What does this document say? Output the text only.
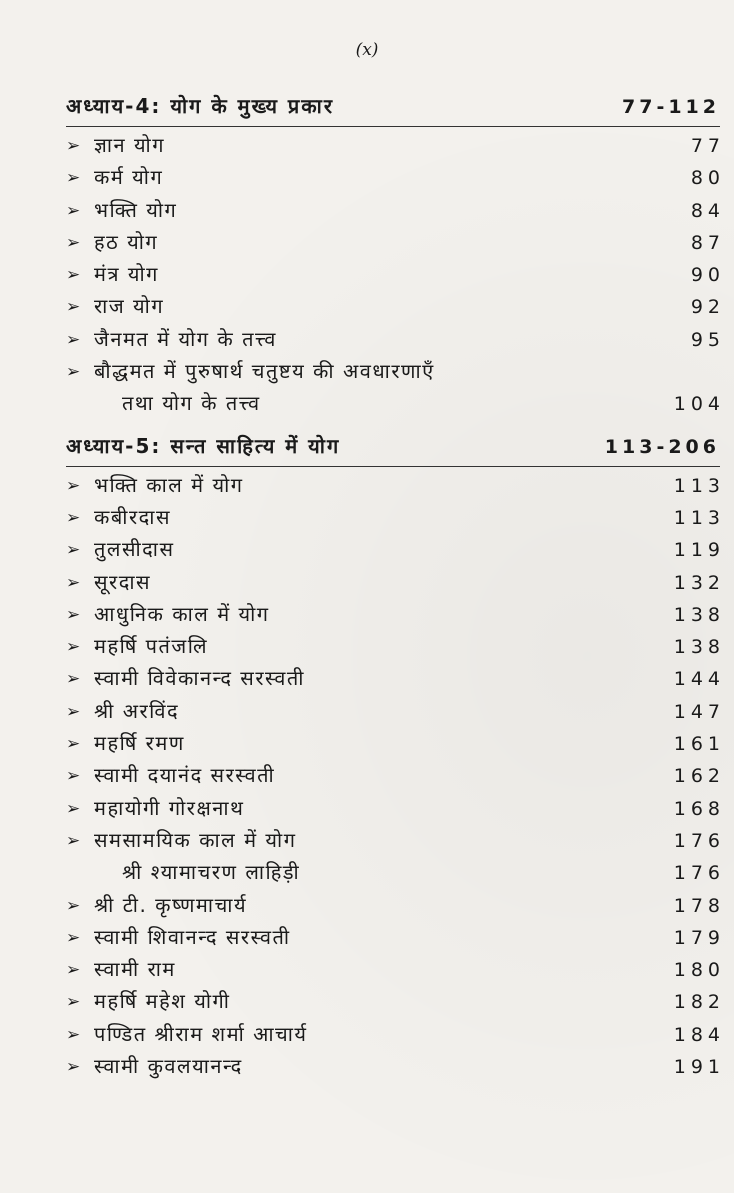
(x)
अध्याय-4: योग के मुख्य प्रकार	77-112
➢ ज्ञान योग	77
➢ कर्म योग	80
➢ भक्ति योग	84
➢ हठ योग	87
➢ मंत्र योग	90
➢ राज योग	92
➢ जैनमत में योग के तत्त्व	95
➢ बौद्धमत में पुरुषार्थ चतुष्टय की अवधारणाएँ
तथा योग के तत्त्व	104
अध्याय-5: सन्त साहित्य में योग	113-206
➢ भक्ति काल में योग	113
➢ कबीरदास	113
➢ तुलसीदास	119
➢ सूरदास	132
➢ आधुनिक काल में योग	138
➢ महर्षि पतंजलि	138
➢ स्वामी विवेकानन्द सरस्वती	144
➢ श्री अरविंद	147
➢ महर्षि रमण	161
➢ स्वामी दयानंद सरस्वती	162
➢ महायोगी गोरक्षनाथ	168
➢ समसामयिक काल में योग	176
श्री श्यामाचरण लाहिड़ी	176
➢ श्री टी. कृष्णमाचार्य	178
➢ स्वामी शिवानन्द सरस्वती	179
➢ स्वामी राम	180
➢ महर्षि महेश योगी	182
➢ पण्डित श्रीराम शर्मा आचार्य	184
➢ स्वामी कुवलयानन्द	191
